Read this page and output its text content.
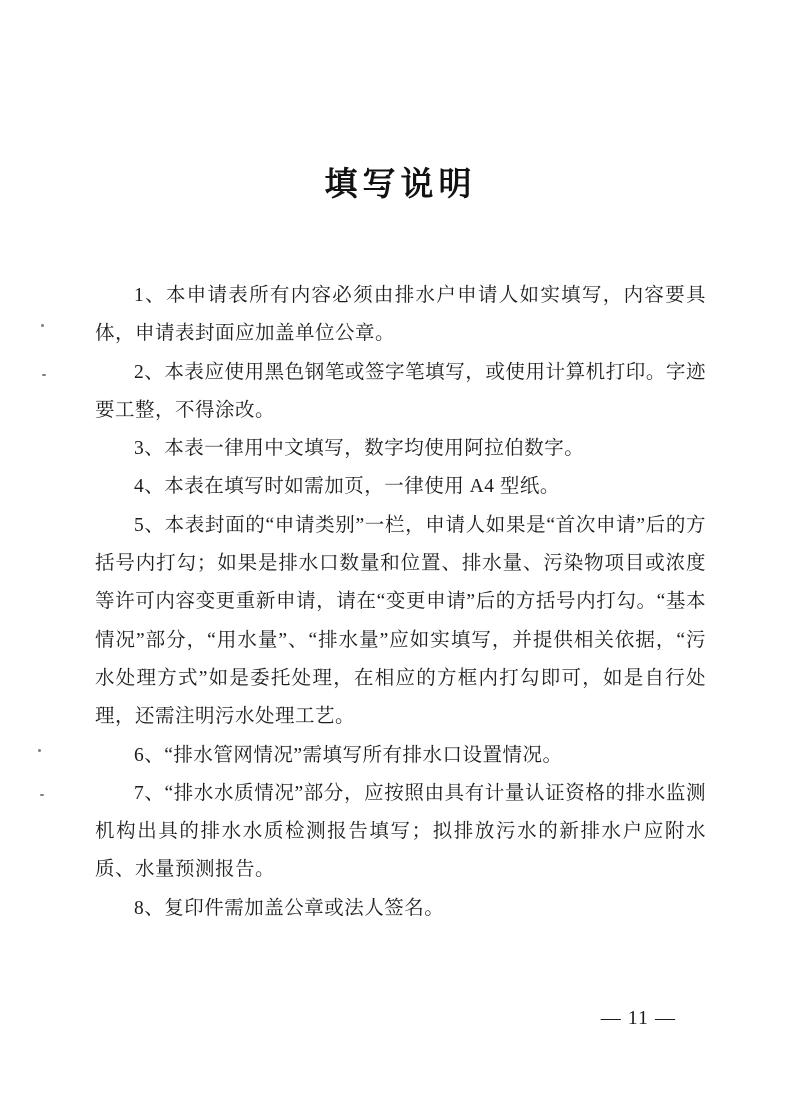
填写说明

1、本申请表所有内容必须由排水户申请人如实填写，内容要具体，申请表封面应加盖单位公章。

2、本表应使用黑色钢笔或签字笔填写，或使用计算机打印。字迹要工整，不得涂改。

3、本表一律用中文填写，数字均使用阿拉伯数字。

4、本表在填写时如需加页，一律使用 A4 型纸。

5、本表封面的“申请类别”一栏，申请人如果是“首次申请”后的方括号内打勾；如果是排水口数量和位置、排水量、污染物项目或浓度等许可内容变更重新申请，请在“变更申请”后的方括号内打勾。“基本情况”部分，“用水量”、“排水量”应如实填写，并提供相关依据，“污水处理方式”如是委托处理，在相应的方框内打勾即可，如是自行处理，还需注明污水处理工艺。

6、“排水管网情况”需填写所有排水口设置情况。

7、“排水水质情况”部分，应按照由具有计量认证资格的排水监测机构出具的排水水质检测报告填写；拟排放污水的新排水户应附水质、水量预测报告。

8、复印件需加盖公章或法人签名。

— 11 —
